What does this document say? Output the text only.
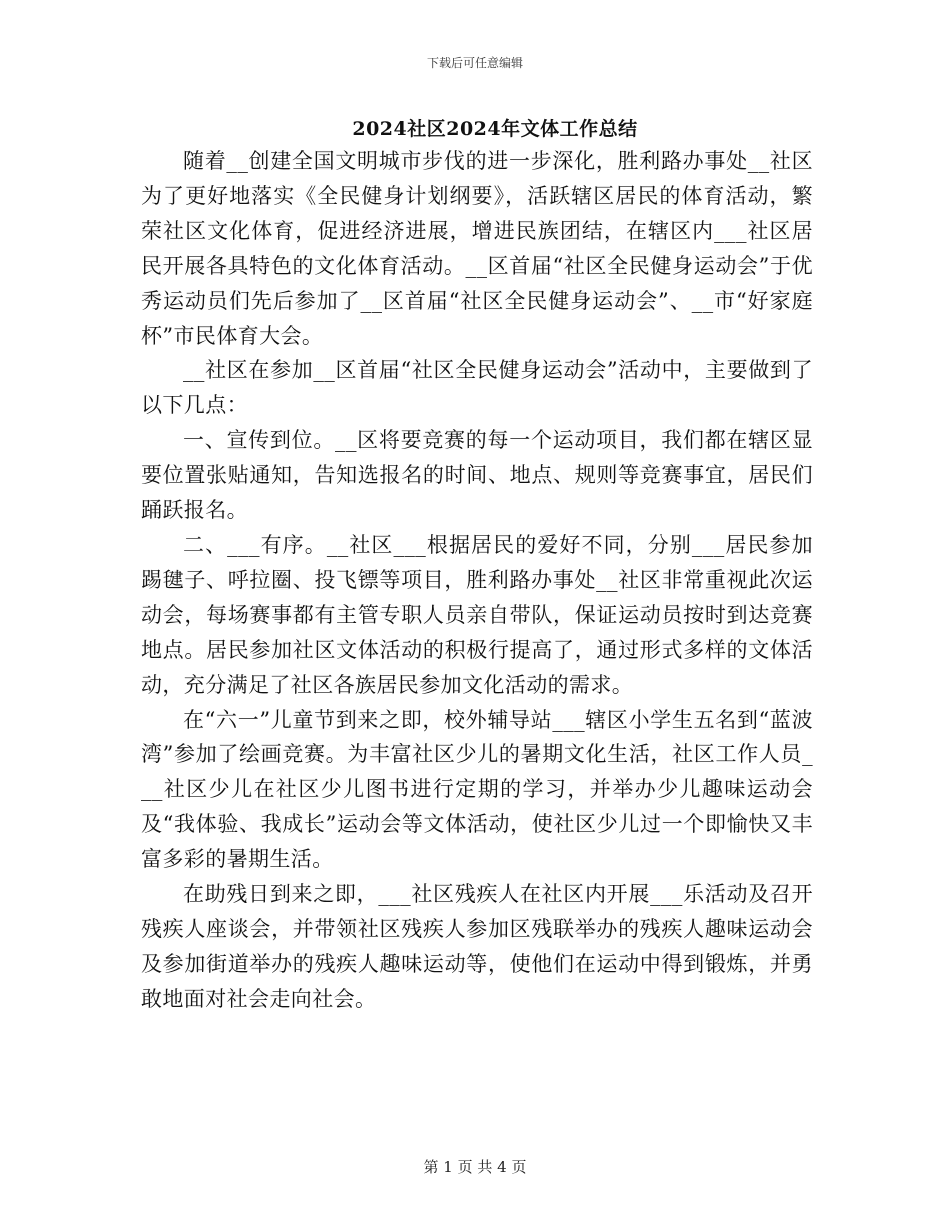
下载后可任意编辑
2024社区2024年文体工作总结

随着__创建全国文明城市步伐的进一步深化，胜利路办事处__社区为了更好地落实《全民健身计划纲要》，活跃辖区居民的体育活动，繁荣社区文化体育，促进经济进展，增进民族团结，在辖区内___社区居民开展各具特色的文化体育活动。__区首届“社区全民健身运动会”于优秀运动员们先后参加了__区首届“社区全民健身运动会”、__市“好家庭杯”市民体育大会。

__社区在参加__区首届“社区全民健身运动会”活动中，主要做到了以下几点：

一、宣传到位。__区将要竞赛的每一个运动项目，我们都在辖区显要位置张贴通知，告知选报名的时间、地点、规则等竞赛事宜，居民们踊跃报名。

二、___有序。__社区___根据居民的爱好不同，分别___居民参加踢毽子、呼拉圈、投飞镖等项目，胜利路办事处__社区非常重视此次运动会，每场赛事都有主管专职人员亲自带队，保证运动员按时到达竞赛地点。居民参加社区文体活动的积极行提高了，通过形式多样的文体活动，充分满足了社区各族居民参加文化活动的需求。

在“六一”儿童节到来之即，校外辅导站___辖区小学生五名到“蓝波湾”参加了绘画竞赛。为丰富社区少儿的暑期文化生活，社区工作人员___社区少儿在社区少儿图书进行定期的学习，并举办少儿趣味运动会及“我体验、我成长”运动会等文体活动，使社区少儿过一个即愉快又丰富多彩的暑期生活。

在助残日到来之即，___社区残疾人在社区内开展___乐活动及召开残疾人座谈会，并带领社区残疾人参加区残联举办的残疾人趣味运动会及参加街道举办的残疾人趣味运动等，使他们在运动中得到锻炼，并勇敢地面对社会走向社会。

第 1 页 共 4 页
